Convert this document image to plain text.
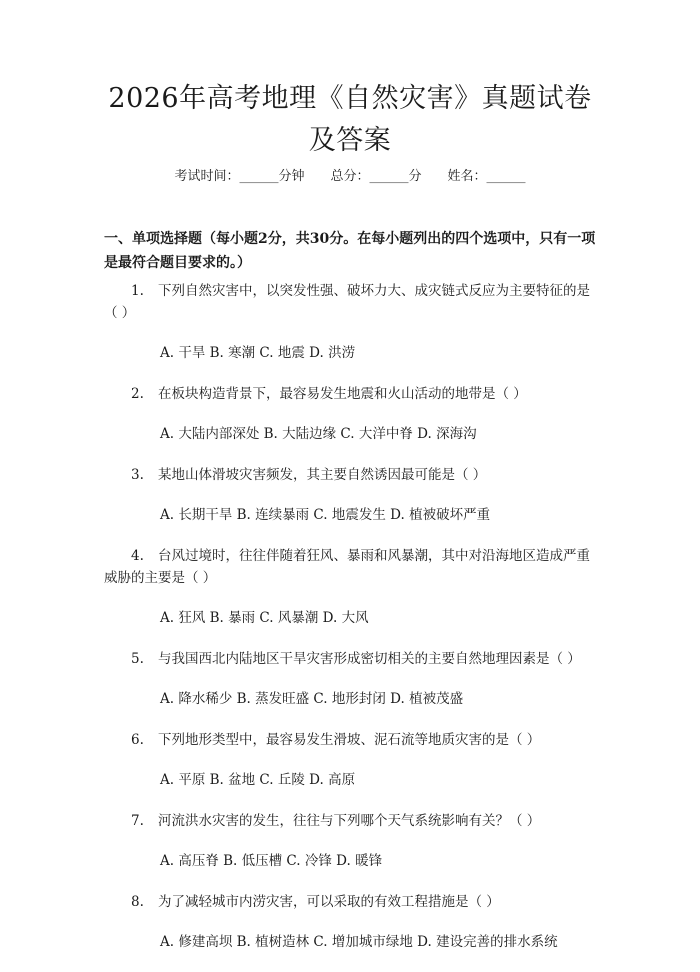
2026年高考地理《自然灾害》真题试卷及答案
考试时间：______分钟 总分：______分 姓名：______

一、单项选择题（每小题2分，共30分。在每小题列出的四个选项中，只有一项是最符合题目要求的。）

1. 下列自然灾害中，以突发性强、破坏力大、成灾链式反应为主要特征的是（ ）

A. 干旱 B. 寒潮 C. 地震 D. 洪涝

2. 在板块构造背景下，最容易发生地震和火山活动的地带是（ ）

A. 大陆内部深处 B. 大陆边缘 C. 大洋中脊 D. 深海沟

3. 某地山体滑坡灾害频发，其主要自然诱因最可能是（ ）

A. 长期干旱 B. 连续暴雨 C. 地震发生 D. 植被破坏严重

4. 台风过境时，往往伴随着狂风、暴雨和风暴潮，其中对沿海地区造成严重威胁的主要是（ ）

A. 狂风 B. 暴雨 C. 风暴潮 D. 大风

5. 与我国西北内陆地区干旱灾害形成密切相关的主要自然地理因素是（ ）

A. 降水稀少 B. 蒸发旺盛 C. 地形封闭 D. 植被茂盛

6. 下列地形类型中，最容易发生滑坡、泥石流等地质灾害的是（ ）

A. 平原 B. 盆地 C. 丘陵 D. 高原

7. 河流洪水灾害的发生，往往与下列哪个天气系统影响有关？（ ）

A. 高压脊 B. 低压槽 C. 冷锋 D. 暖锋

8. 为了减轻城市内涝灾害，可以采取的有效工程措施是（ ）

A. 修建高坝 B. 植树造林 C. 增加城市绿地 D. 建设完善的排水系统
